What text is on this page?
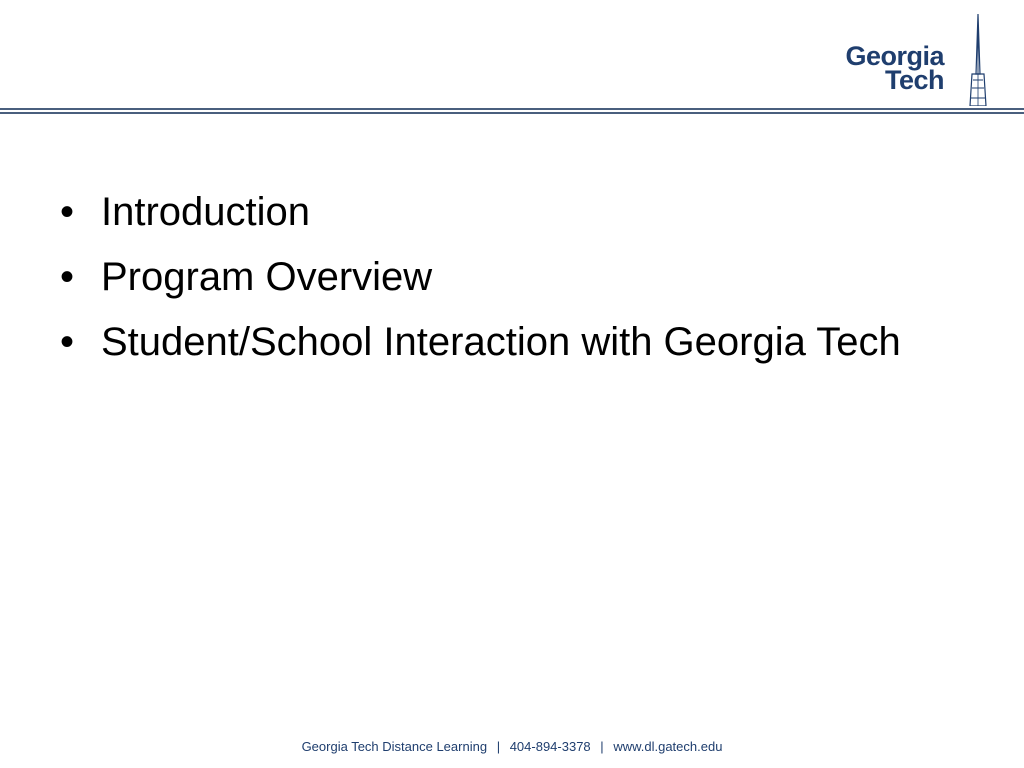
Georgia
Tech
• Introduction
• Program Overview
• Student/School Interaction with Georgia Tech
Georgia Tech Distance Learning | 404-894-3378 | www.dl.gatech.edu
